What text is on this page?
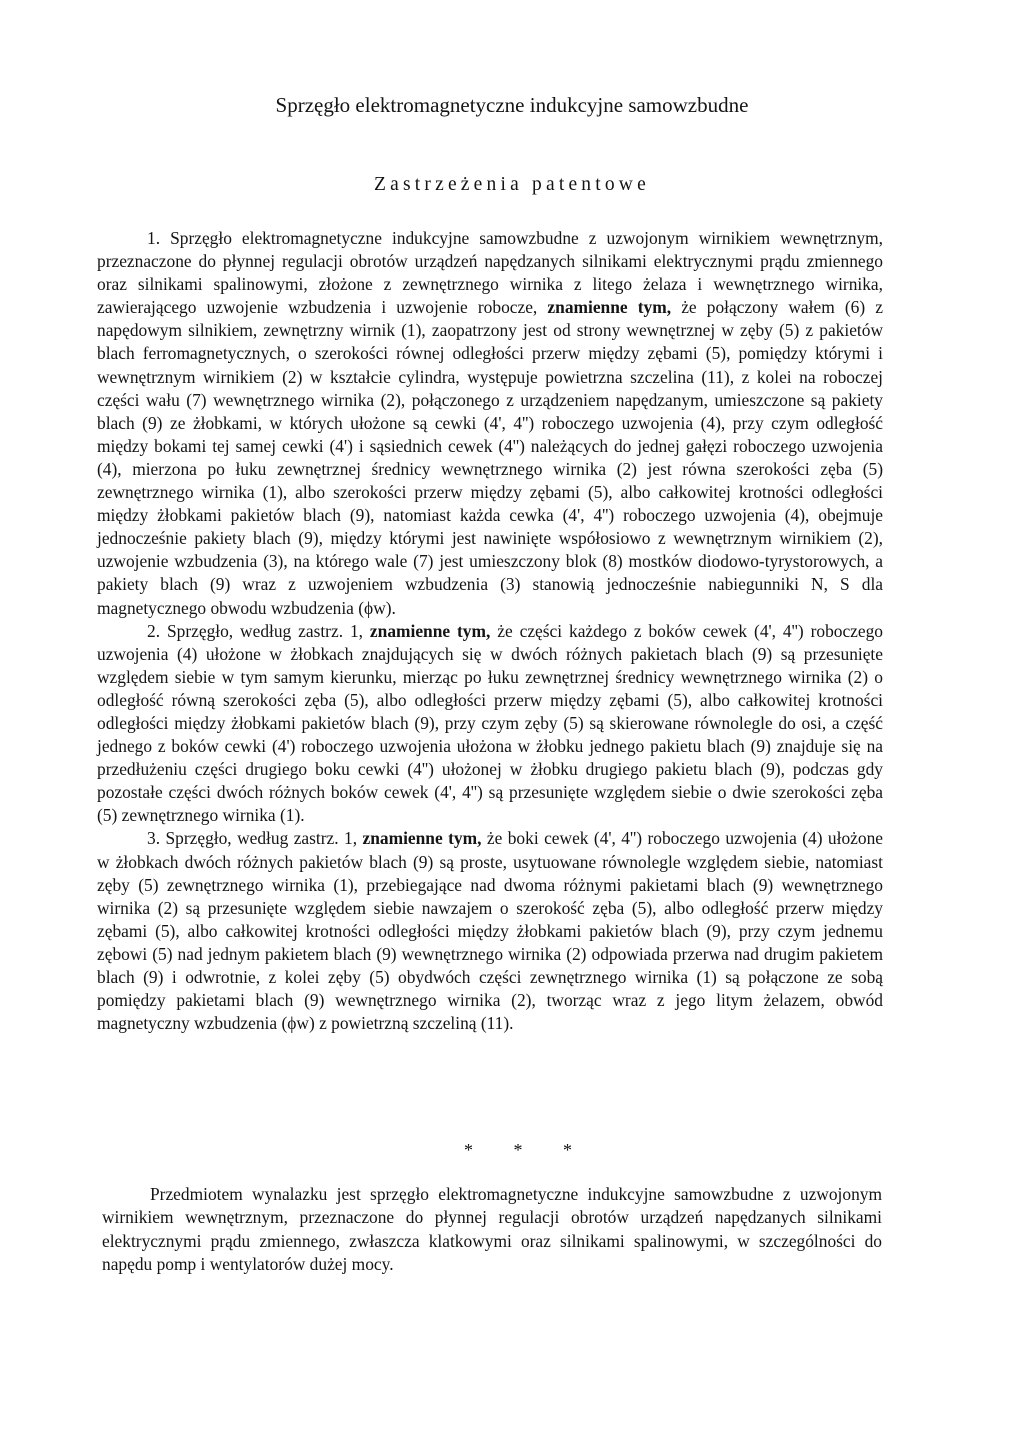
Sprzęgło elektromagnetyczne indukcyjne samowzbudne
Zastrzeżenia patentowe

1. Sprzęgło elektromagnetyczne indukcyjne samowzbudne z uzwojonym wirnikiem wewnętrznym, przeznaczone do płynnej regulacji obrotów urządzeń napędzanych silnikami elektrycznymi prądu zmiennego oraz silnikami spalinowymi, złożone z zewnętrznego wirnika z litego żelaza i wewnętrznego wirnika, zawierającego uzwojenie wzbudzenia i uzwojenie robocze, znamienne tym, że połączony wałem (6) z napędowym silnikiem, zewnętrzny wirnik (1), zaopatrzony jest od strony wewnętrznej w zęby (5) z pakietów blach ferromagnetycznych, o szerokości równej odległości przerw między zębami (5), pomiędzy którymi i wewnętrznym wirnikiem (2) w kształcie cylindra, występuje powietrzna szczelina (11), z kolei na roboczej części wału (7) wewnętrznego wirnika (2), połączonego z urządzeniem napędzanym, umieszczone są pakiety blach (9) ze żłobkami, w których ułożone są cewki (4', 4'') roboczego uzwojenia (4), przy czym odległość między bokami tej samej cewki (4') i sąsiednich cewek (4'') należących do jednej gałęzi roboczego uzwojenia (4), mierzona po łuku zewnętrznej średnicy wewnętrznego wirnika (2) jest równa szerokości zęba (5) zewnętrznego wirnika (1), albo szerokości przerw między zębami (5), albo całkowitej krotności odległości między żłobkami pakietów blach (9), natomiast każda cewka (4', 4'') roboczego uzwojenia (4), obejmuje jednocześnie pakiety blach (9), między którymi jest nawinięte współosiowo z wewnętrznym wirnikiem (2), uzwojenie wzbudzenia (3), na którego wale (7) jest umieszczony blok (8) mostków diodowo-tyrystorowych, a pakiety blach (9) wraz z uzwojeniem wzbudzenia (3) stanowią jednocześnie nabiegunniki N, S dla magnetycznego obwodu wzbudzenia (ϕw).

2. Sprzęgło, według zastrz. 1, znamienne tym, że części każdego z boków cewek (4', 4'') roboczego uzwojenia (4) ułożone w żłobkach znajdujących się w dwóch różnych pakietach blach (9) są przesunięte względem siebie w tym samym kierunku, mierząc po łuku zewnętrznej średnicy wewnętrznego wirnika (2) o odległość równą szerokości zęba (5), albo odległości przerw między zębami (5), albo całkowitej krotności odległości między żłobkami pakietów blach (9), przy czym zęby (5) są skierowane równolegle do osi, a część jednego z boków cewki (4') roboczego uzwojenia ułożona w żłobku jednego pakietu blach (9) znajduje się na przedłużeniu części drugiego boku cewki (4'') ułożonej w żłobku drugiego pakietu blach (9), podczas gdy pozostałe części dwóch różnych boków cewek (4', 4'') są przesunięte względem siebie o dwie szerokości zęba (5) zewnętrznego wirnika (1).

3. Sprzęgło, według zastrz. 1, znamienne tym, że boki cewek (4', 4'') roboczego uzwojenia (4) ułożone w żłobkach dwóch różnych pakietów blach (9) są proste, usytuowane równolegle względem siebie, natomiast zęby (5) zewnętrznego wirnika (1), przebiegające nad dwoma różnymi pakietami blach (9) wewnętrznego wirnika (2) są przesunięte względem siebie nawzajem o szerokość zęba (5), albo odległość przerw między zębami (5), albo całkowitej krotności odległości między żłobkami pakietów blach (9), przy czym jednemu zębowi (5) nad jednym pakietem blach (9) wewnętrznego wirnika (2) odpowiada przerwa nad drugim pakietem blach (9) i odwrotnie, z kolei zęby (5) obydwóch części zewnętrznego wirnika (1) są połączone ze sobą pomiędzy pakietami blach (9) wewnętrznego wirnika (2), tworząc wraz z jego litym żelazem, obwód magnetyczny wzbudzenia (ϕw) z powietrzną szczeliną (11).

* * *

Przedmiotem wynalazku jest sprzęgło elektromagnetyczne indukcyjne samowzbudne z uzwojonym wirnikiem wewnętrznym, przeznaczone do płynnej regulacji obrotów urządzeń napędzanych silnikami elektrycznymi prądu zmiennego, zwłaszcza klatkowymi oraz silnikami spalinowymi, w szczególności do napędu pomp i wentylatorów dużej mocy.
